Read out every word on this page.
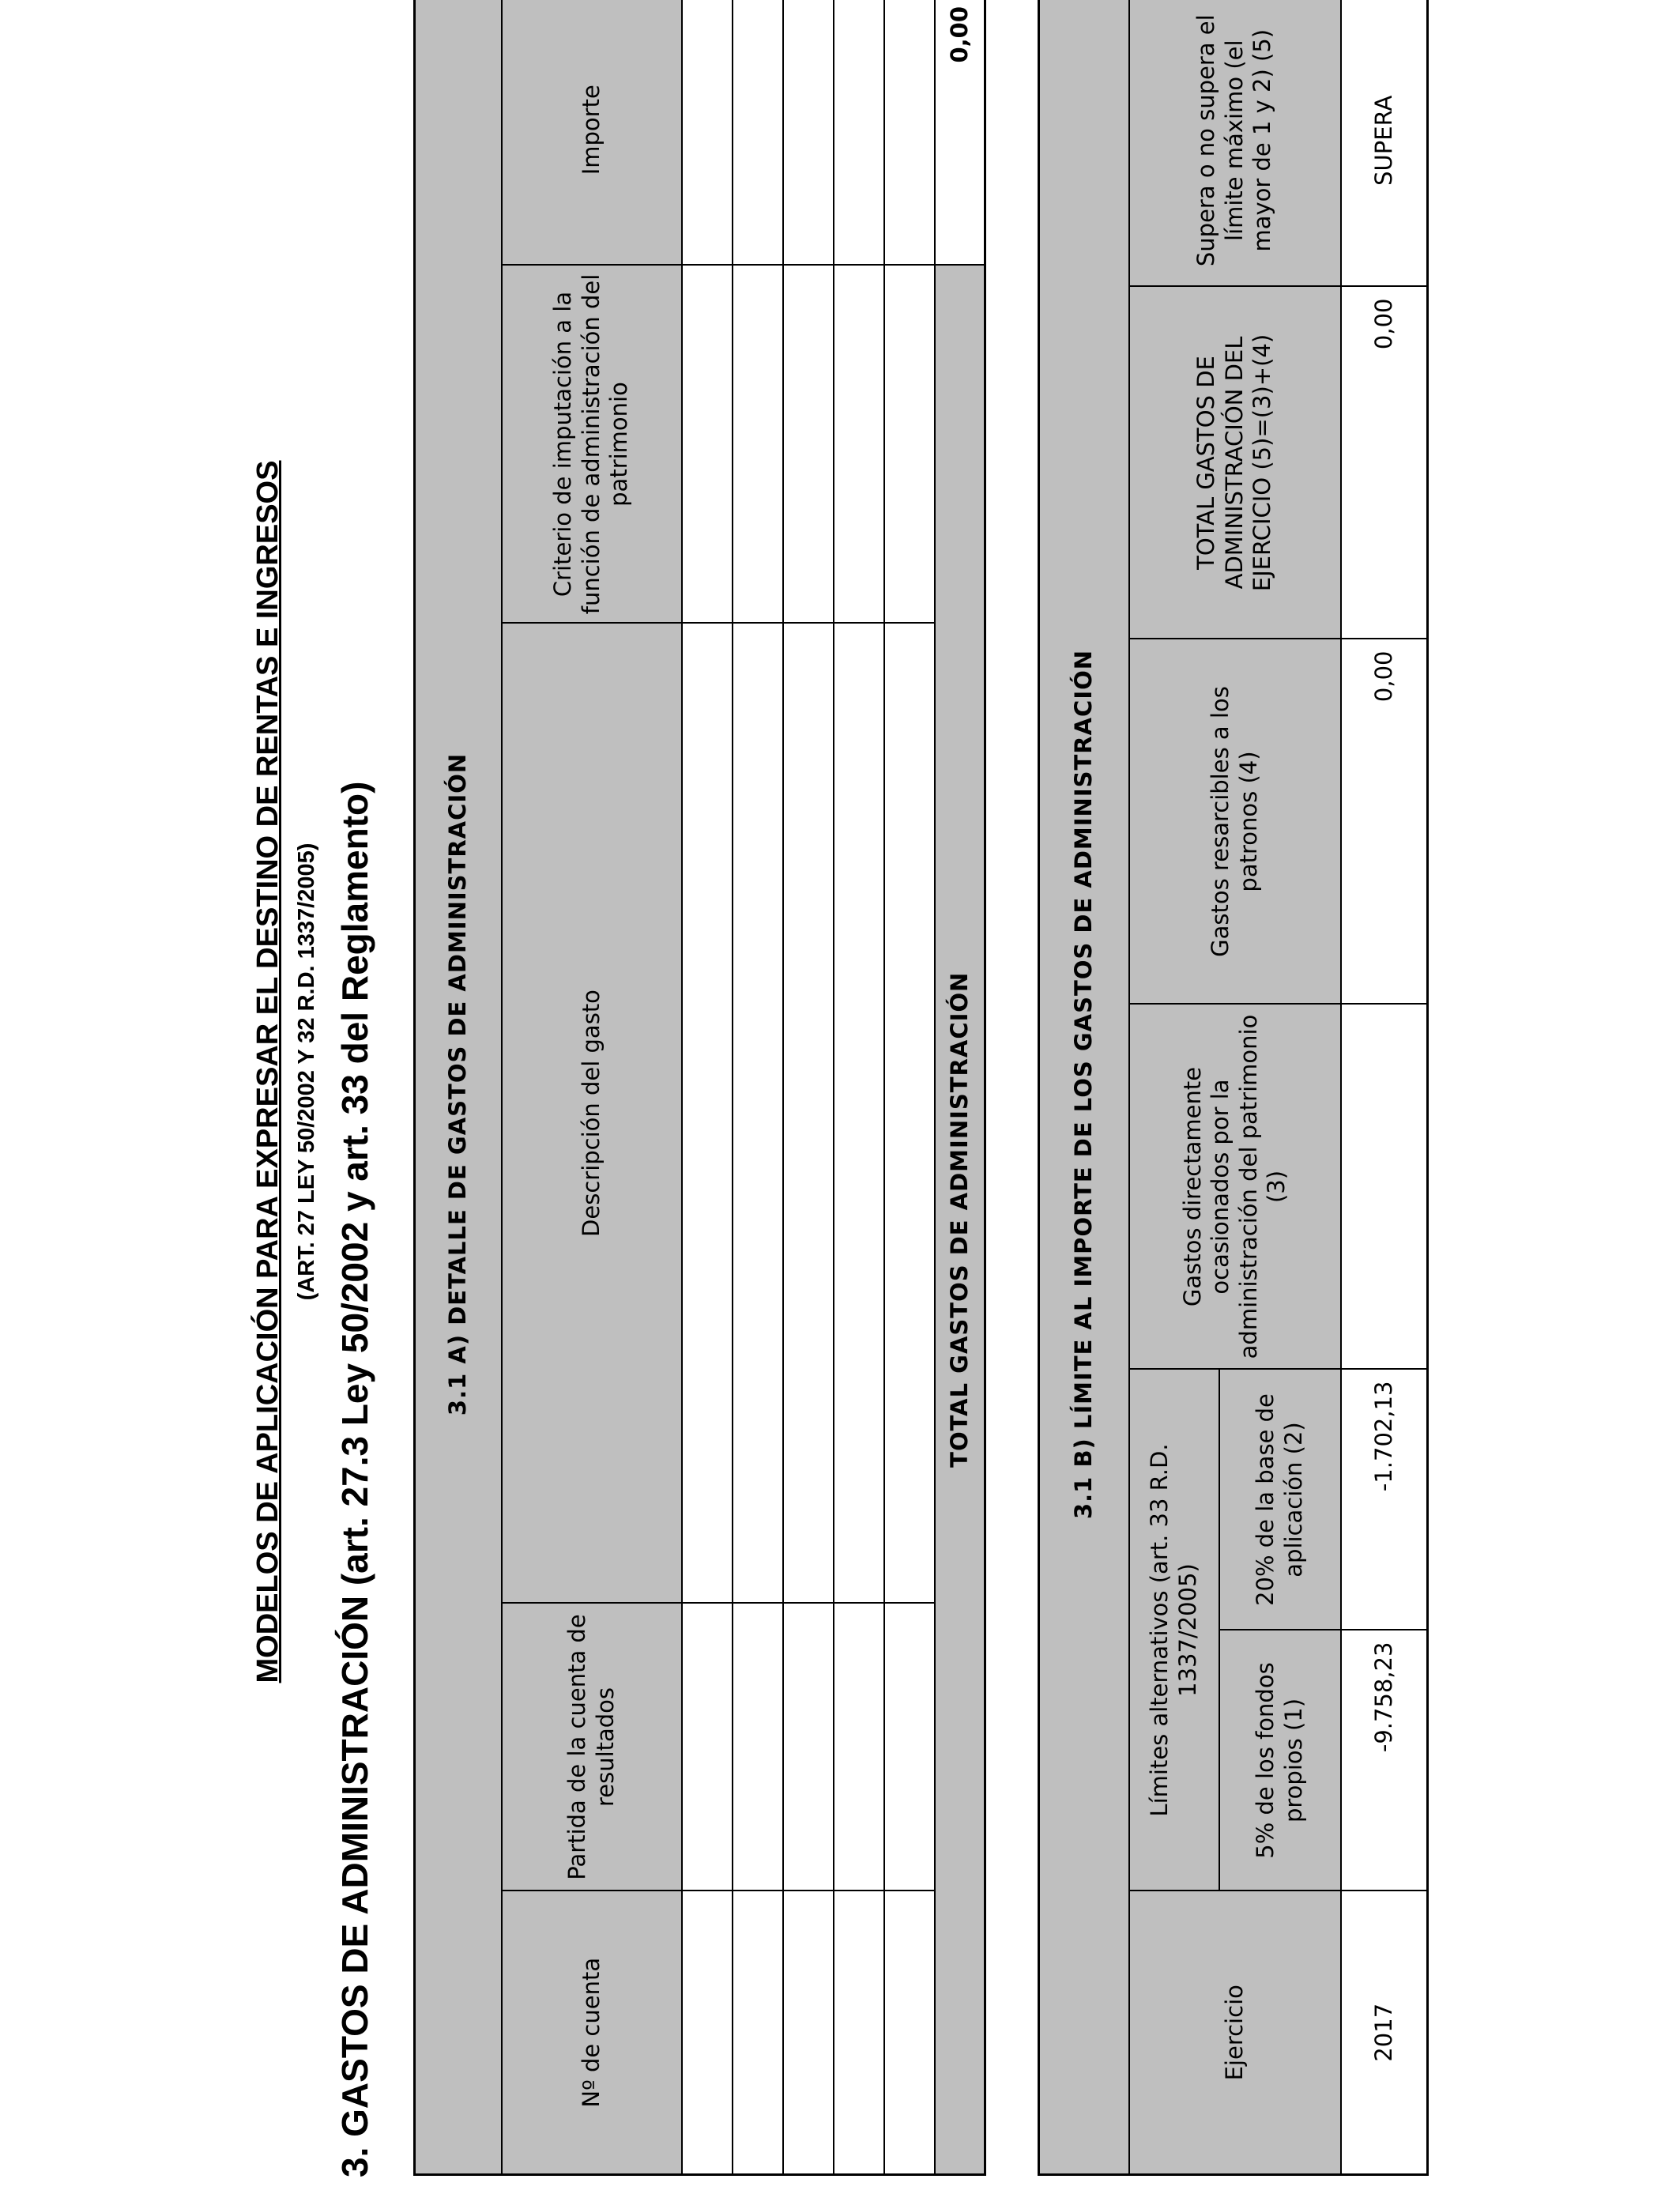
MODELOS DE APLICACIÓN PARA EXPRESAR EL DESTINO DE RENTAS E INGRESOS (ART. 27 LEY 50/2002 Y 32 R.D. 1337/2005) 3. GASTOS DE ADMINISTRACIÓN (art. 27.3 Ley 50/2002 y art. 33 del Reglamento)	3.1 A) DETALLE DE GASTOS DE ADMINISTRACIÓN				
Nº de cuenta	Partida de la cuenta de resultados	Descripción del gasto	Criterio de imputación a la función de administración del patrimonio	Importe

TOTAL GASTOS DE ADMINISTRACIÓN				0,00
3.1 B) LÍMITE AL IMPORTE DE LOS GASTOS DE ADMINISTRACIÓN						
Ejercicio	Límites alternativos (art. 33 R.D. 1337/2005)		Gastos directamente ocasionados por la administración del patrimonio (3)	Gastos resarcibles a los patronos (4)	TOTAL GASTOS DE ADMINISTRACIÓN DEL EJERCICIO (5)=(3)+(4)	Supera o no supera el límite máximo (el mayor de 1 y 2) (5)
	5% de los fondos propios (1)	20% de la base de aplicación (2)				
2017	-9.758,23	-1.702,13		0,00	0,00	SUPERA
